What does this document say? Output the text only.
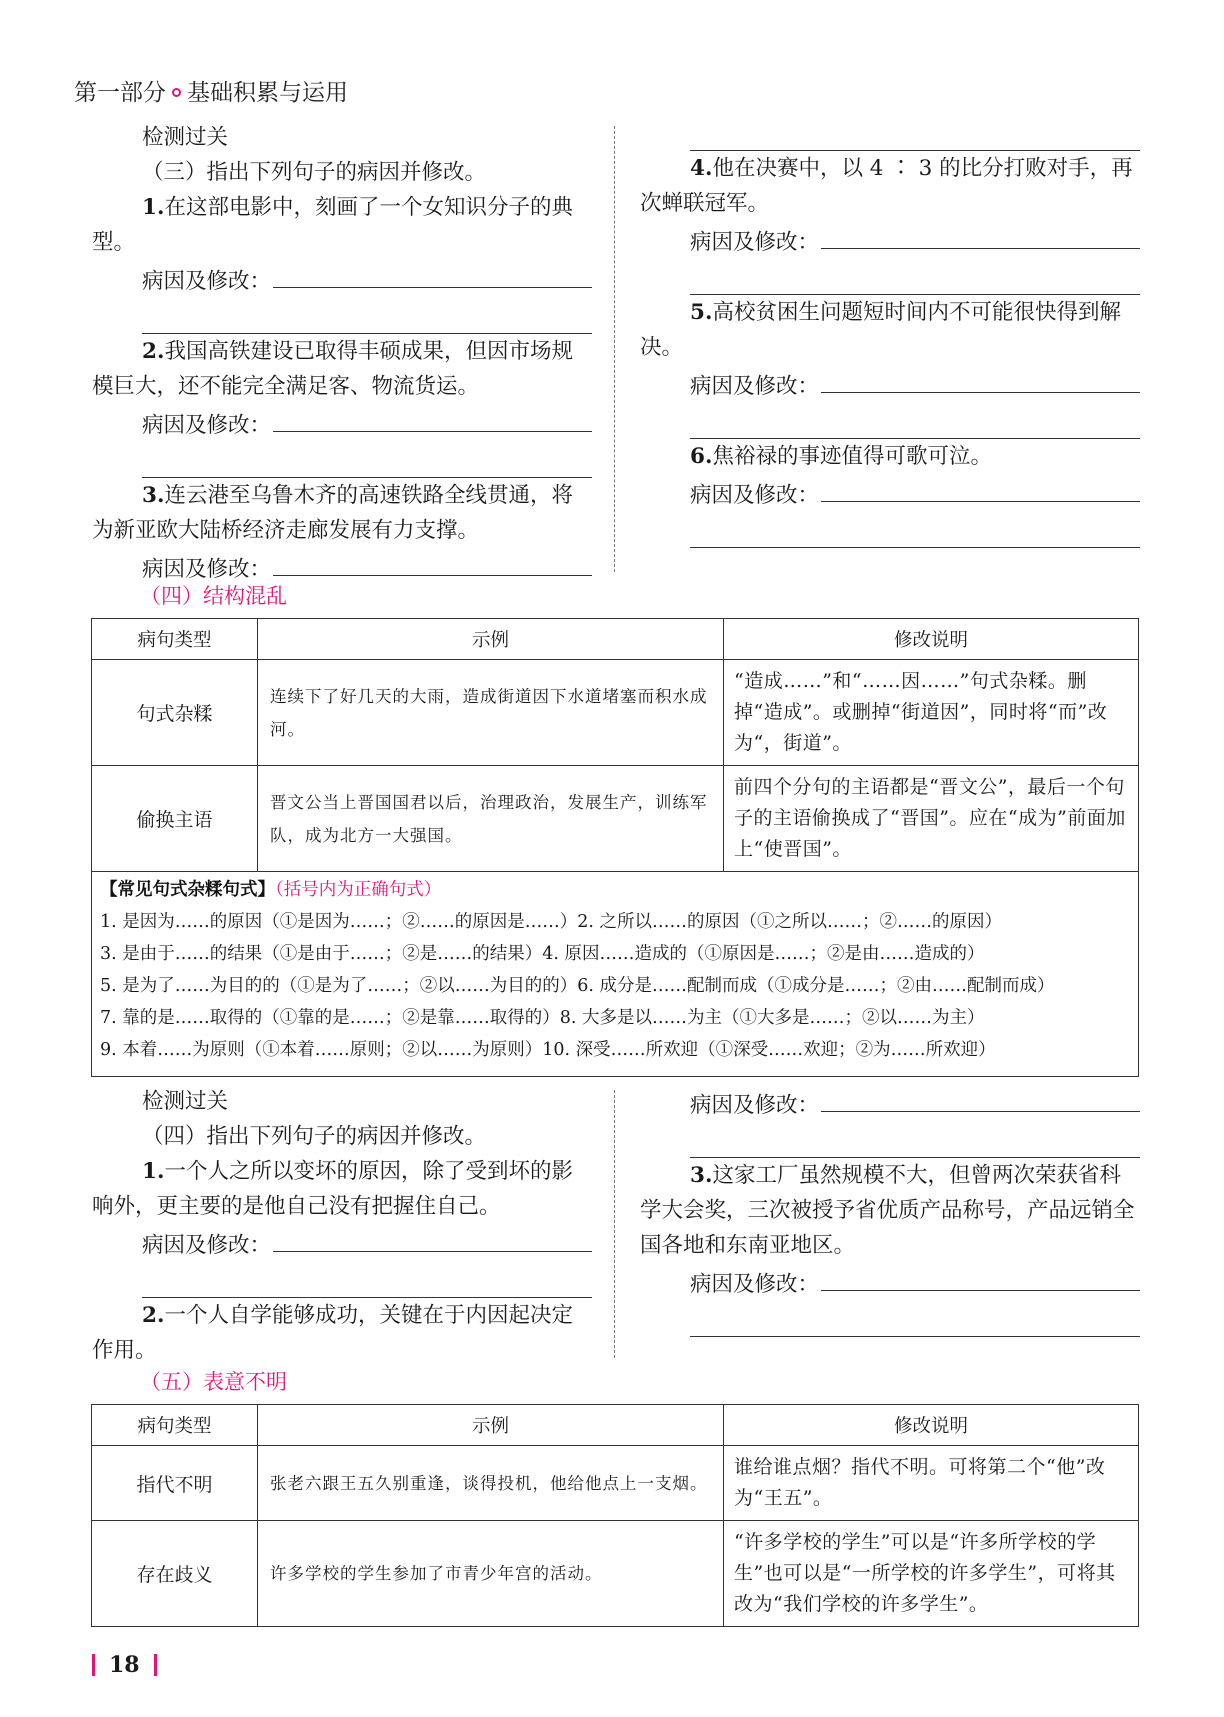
第一部分 基础积累与运用

检测过关

（三）指出下列句子的病因并修改。

1.在这部电影中，刻画了一个女知识分子的典型。

病因及修改：

2.我国高铁建设已取得丰硕成果，但因市场规模巨大，还不能完全满足客、物流货运。

病因及修改：

3.连云港至乌鲁木齐的高速铁路全线贯通，将为新亚欧大陆桥经济走廊发展有力支撑。

病因及修改：

4.他在决赛中，以 4 ∶ 3 的比分打败对手，再次蝉联冠军。

病因及修改：

5.高校贫困生问题短时间内不可能很快得到解决。

病因及修改：

6.焦裕禄的事迹值得可歌可泣。

病因及修改：
（四）结构混乱
病句类型	示例	修改说明
句式杂糅	连续下了好几天的大雨，造成街道因下水道堵塞而积水成河。	“造成……”和“……因……”句式杂糅。删掉“造成”。或删掉“街道因”，同时将“而”改为“，街道”。
偷换主语	晋文公当上晋国国君以后，治理政治，发展生产，训练军队，成为北方一大强国。	前四个分句的主语都是“晋文公”，最后一个句子的主语偷换成了“晋国”。应在“成为”前面加上“使晋国”。
【常见句式杂糅句式】（括号内为正确句式）
1. 是因为……的原因（①是因为……；②……的原因是……）2. 之所以……的原因（①之所以……；②……的原因）
3. 是由于……的结果（①是由于……；②是……的结果）4. 原因……造成的（①原因是……；②是由……造成的）
5. 是为了……为目的的（①是为了……；②以……为目的的）6. 成分是……配制而成（①成分是……；②由……配制而成）
7. 靠的是……取得的（①靠的是……；②是靠……取得的）8. 大多是以……为主（①大多是……；②以……为主）
9. 本着……为原则（①本着……原则；②以……为原则）10. 深受……所欢迎（①深受……欢迎；②为……所欢迎）

检测过关

（四）指出下列句子的病因并修改。

1.一个人之所以变坏的原因，除了受到坏的影响外，更主要的是他自己没有把握住自己。

病因及修改：

2.一个人自学能够成功，关键在于内因起决定作用。

病因及修改：

3.这家工厂虽然规模不大，但曾两次荣获省科学大会奖，三次被授予省优质产品称号，产品远销全国各地和东南亚地区。

病因及修改：
（五）表意不明
病句类型	示例	修改说明
指代不明	张老六跟王五久别重逢，谈得投机，他给他点上一支烟。	谁给谁点烟？指代不明。可将第二个“他”改为“王五”。
存在歧义	许多学校的学生参加了市青少年宫的活动。	“许多学校的学生”可以是“许多所学校的学生”也可以是“一所学校的许多学生”，可将其改为“我们学校的许多学生”。
18
